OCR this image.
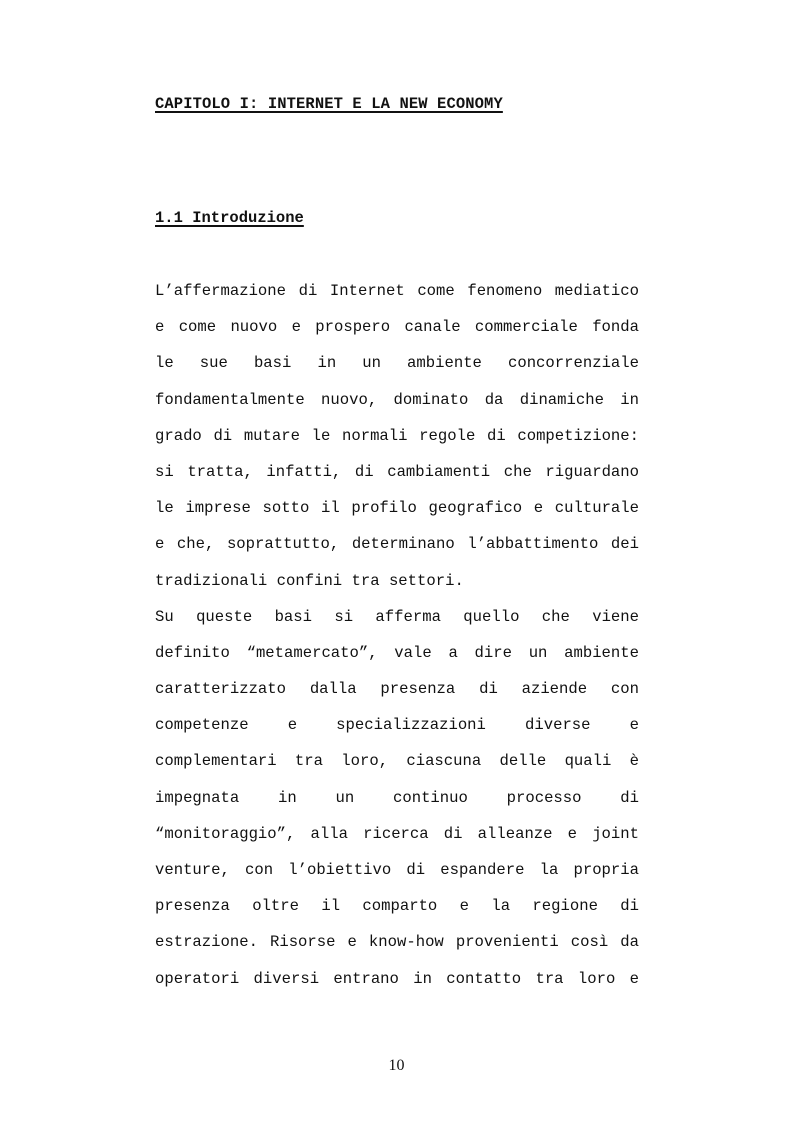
CAPITOLO I: INTERNET E LA NEW ECONOMY
1.1 Introduzione
L’affermazione di Internet come fenomeno mediatico
e come nuovo e prospero canale commerciale fonda
le sue basi in un ambiente concorrenziale
fondamentalmente nuovo, dominato da dinamiche in
grado di mutare le normali regole di competizione:
si tratta, infatti, di cambiamenti che riguardano
le imprese sotto il profilo geografico e culturale
e che, soprattutto, determinano l’abbattimento dei
tradizionali confini tra settori.
Su queste basi si afferma quello che viene
definito “metamercato”, vale a dire un ambiente
caratterizzato dalla presenza di aziende con
competenze e specializzazioni diverse e
complementari tra loro, ciascuna delle quali è
impegnata in un continuo processo di
“monitoraggio”, alla ricerca di alleanze e joint
venture, con l’obiettivo di espandere la propria
presenza oltre il comparto e la regione di
estrazione. Risorse e know-how provenienti così da
operatori diversi entrano in contatto tra loro e
10
